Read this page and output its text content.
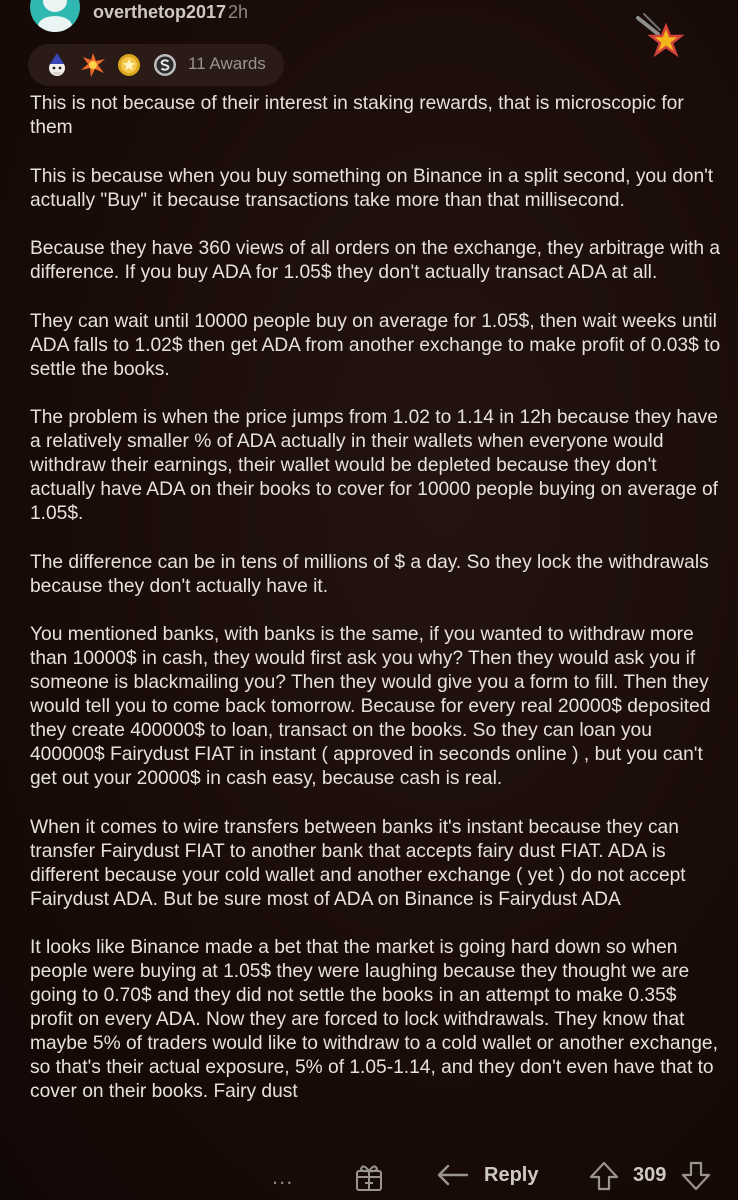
overthetop2017 2h
11 Awards

This is not because of their interest in staking rewards, that is microscopic for them

This is because when you buy something on Binance in a split second, you don't actually "Buy" it because transactions take more than that millisecond.

Because they have 360 views of all orders on the exchange, they arbitrage with a difference. If you buy ADA for 1.05$ they don't actually transact ADA at all.

They can wait until 10000 people buy on average for 1.05$, then wait weeks until ADA falls to 1.02$ then get ADA from another exchange to make profit of 0.03$ to settle the books.

The problem is when the price jumps from 1.02 to 1.14 in 12h because they have a relatively smaller % of ADA actually in their wallets when everyone would withdraw their earnings, their wallet would be depleted because they don't actually have ADA on their books to cover for 10000 people buying on average of 1.05$.

The difference can be in tens of millions of $ a day. So they lock the withdrawals because they don't actually have it.

You mentioned banks, with banks is the same, if you wanted to withdraw more than 10000$ in cash, they would first ask you why? Then they would ask you if someone is blackmailing you? Then they would give you a form to fill. Then they would tell you to come back tomorrow. Because for every real 20000$ deposited they create 400000$ to loan, transact on the books. So they can loan you 400000$ Fairydust FIAT in instant ( approved in seconds online ) , but you can't get out your 20000$ in cash easy, because cash is real.

When it comes to wire transfers between banks it's instant because they can transfer Fairydust FIAT to another bank that accepts fairy dust FIAT. ADA is different because your cold wallet and another exchange ( yet ) do not accept Fairydust ADA. But be sure most of ADA on Binance is Fairydust ADA

It looks like Binance made a bet that the market is going hard down so when people were buying at 1.05$ they were laughing because they thought we are going to 0.70$ and they did not settle the books in an attempt to make 0.35$ profit on every ADA. Now they are forced to lock withdrawals. They know that maybe 5% of traders would like to withdraw to a cold wallet or another exchange, so that's their actual exposure, 5% of 1.05-1.14, and they don't even have that to cover on their books. Fairy dust

...	Reply	309
